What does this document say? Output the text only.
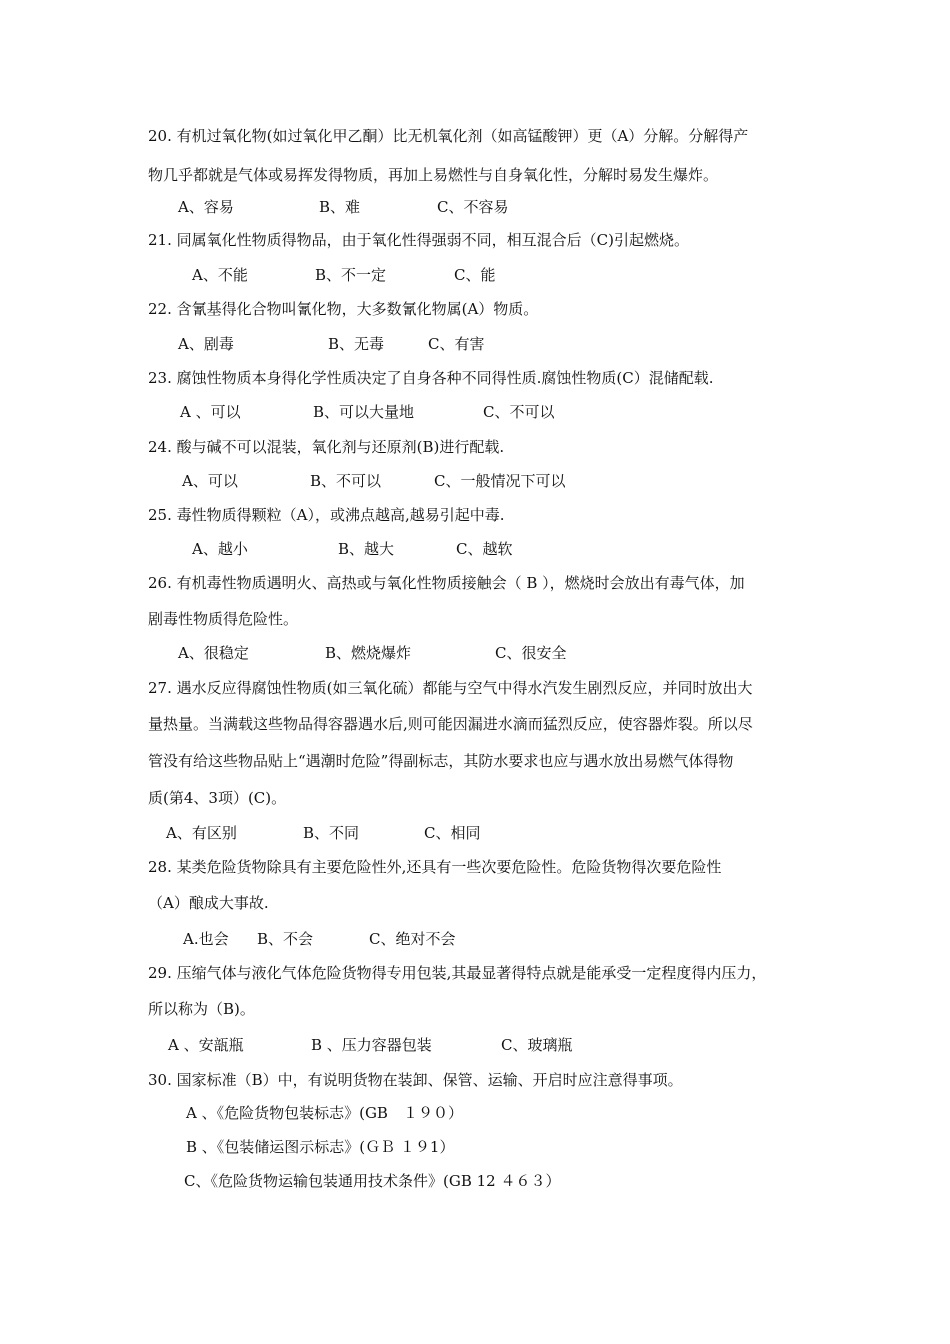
20. 有机过氧化物(如过氧化甲乙酮）比无机氧化剂（如高锰酸钾）更（A）分解。分解得产
物几乎都就是气体或易挥发得物质，再加上易燃性与自身氧化性，分解时易发生爆炸。
A、容易	B、难	C、不容易
21. 同属氧化性物质得物品，由于氧化性得强弱不同，相互混合后（C)引起燃烧。
A、不能	B、不一定	C、能
22. 含氰基得化合物叫氰化物，大多数氰化物属(A）物质。
A、剧毒	B、无毒	C、有害
23. 腐蚀性物质本身得化学性质决定了自身各种不同得性质.腐蚀性物质(C）混储配载.
A 、可以	B、可以大量地	C、不可以
24. 酸与碱不可以混装，氧化剂与还原剂(B)进行配载.
A、可以	B、不可以	C、一般情况下可以
25. 毒性物质得颗粒（A），或沸点越高,越易引起中毒.
A、越小	B、越大	C、越软
26. 有机毒性物质遇明火、高热或与氧化性物质接触会（ B ），燃烧时会放出有毒气体，加
剧毒性物质得危险性。
A、很稳定	B、燃烧爆炸	C、很安全
27. 遇水反应得腐蚀性物质(如三氧化硫）都能与空气中得水汽发生剧烈反应，并同时放出大
量热量。当满载这些物品得容器遇水后,则可能因漏进水滴而猛烈反应，使容器炸裂。所以尽
管没有给这些物品贴上“遇潮时危险”得副标志，其防水要求也应与遇水放出易燃气体得物
质(第4、3项）(C)。
A、有区别	B、不同	C、相同
28. 某类危险货物除具有主要危险性外,还具有一些次要危险性。危险货物得次要危险性
（A）酿成大事故.
A.也会 B、不会	C、绝对不会
29. 压缩气体与液化气体危险货物得专用包装,其最显著得特点就是能承受一定程度得内压力，
所以称为（B)。
A 、安瓿瓶	B 、压力容器包装	C、玻璃瓶
30. 国家标准（B）中，有说明货物在装卸、保管、运输、开启时应注意得事项。
A 、《危险货物包装标志》(GB　１９０）
B 、《包装储运图示标志》(ＧＢ １９1）
C、《危险货物运输包装通用技术条件》(GB 12 ４６３）
